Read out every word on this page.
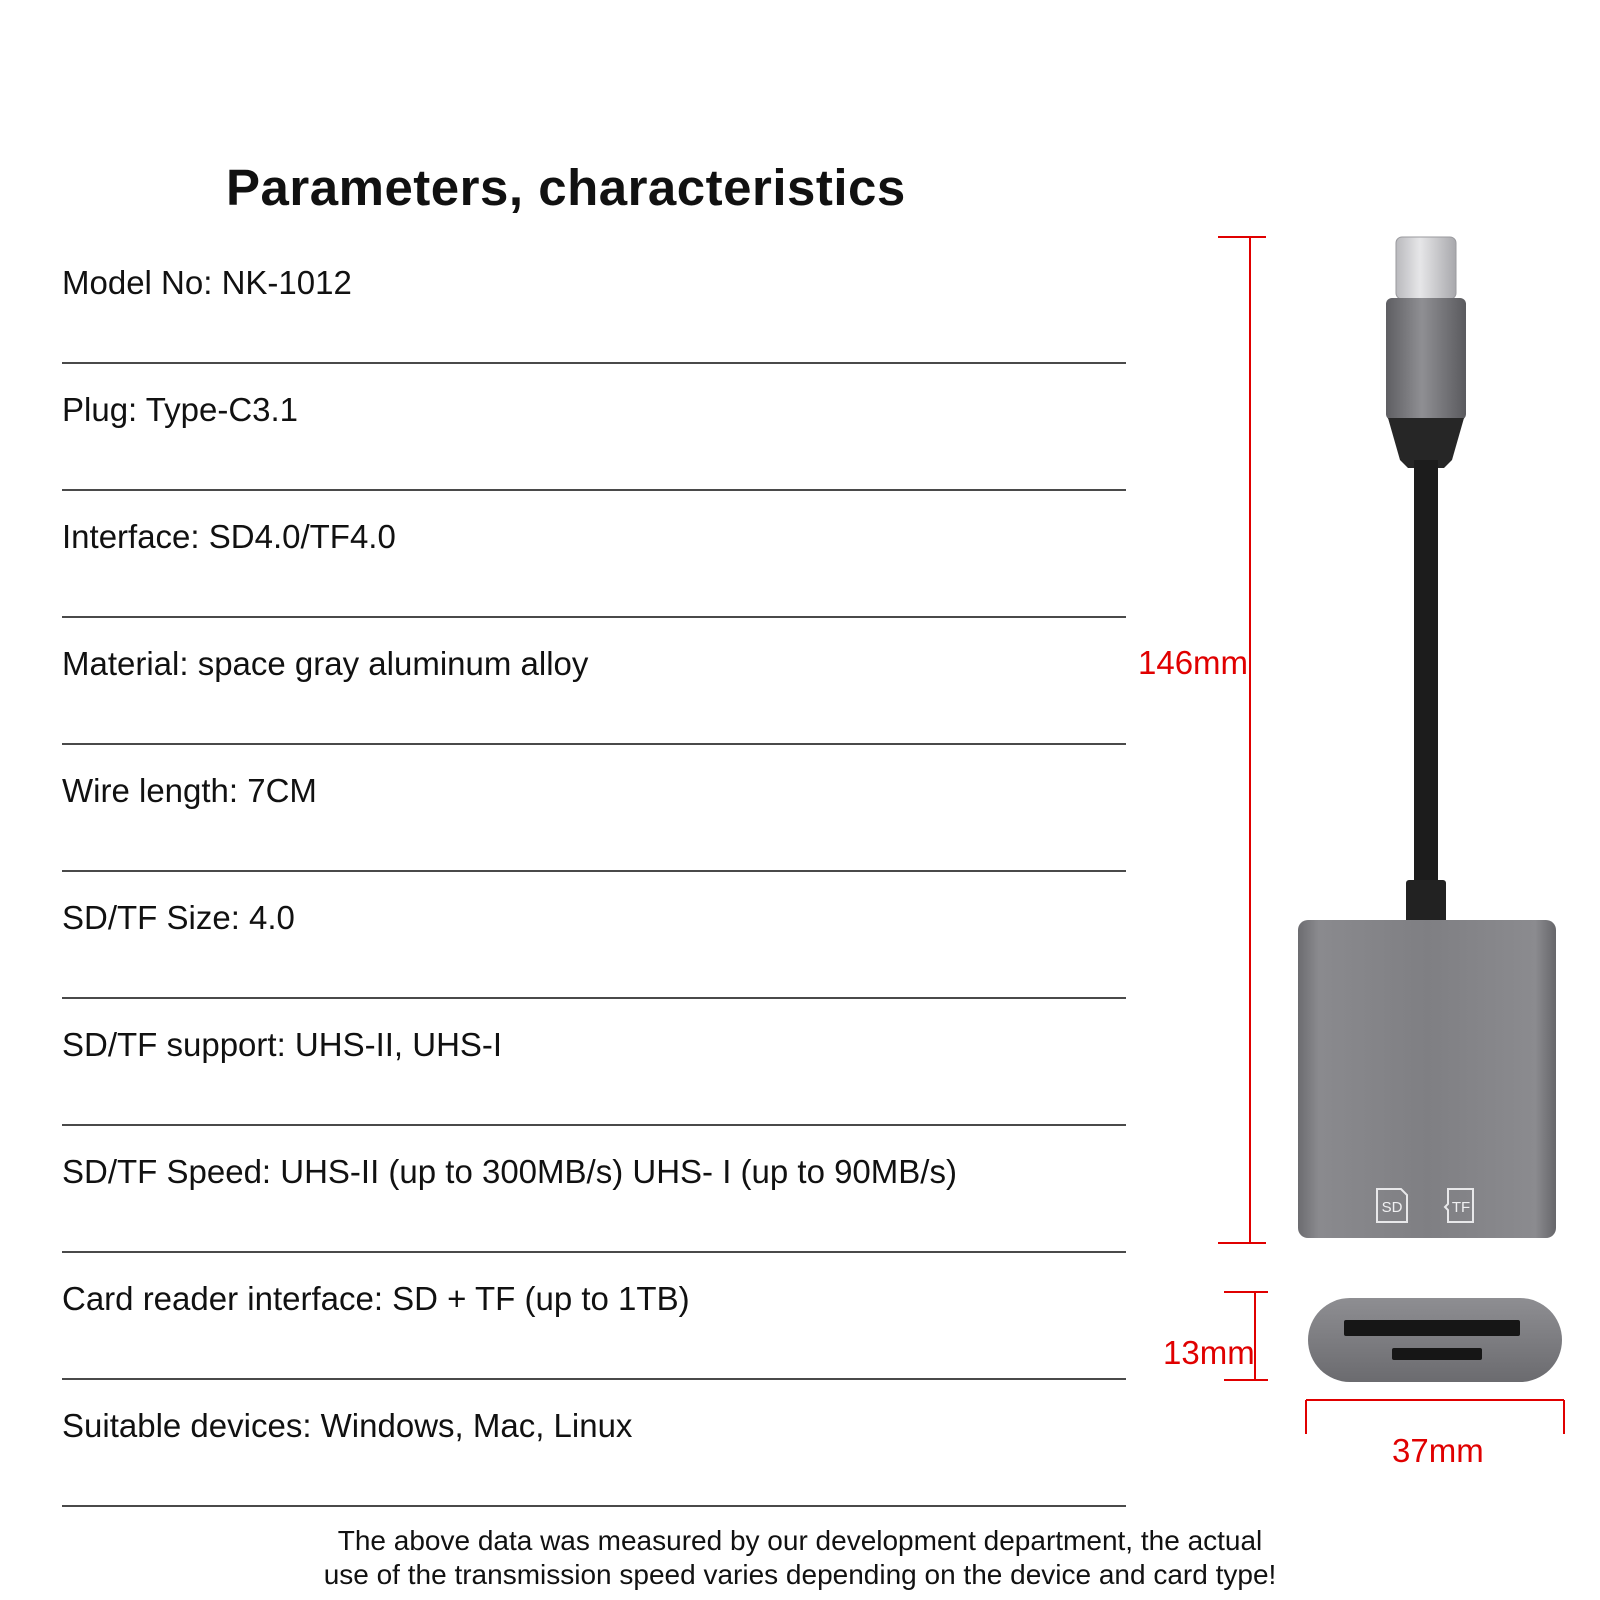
Parameters, characteristics
Model No: NK-1012
Plug: Type-C3.1
Interface: SD4.0/TF4.0
Material: space gray aluminum alloy
Wire length: 7CM
SD/TF Size: 4.0
SD/TF support: UHS-II, UHS-I
SD/TF Speed: UHS-II (up to 300MB/s) UHS- I (up to 90MB/s)
Card reader interface: SD + TF (up to 1TB)
Suitable devices: Windows, Mac, Linux
The above data was measured by our development department, the actual
use of the transmission speed varies depending on the device and card type!
146mm
13mm
37mm
SD	TF
